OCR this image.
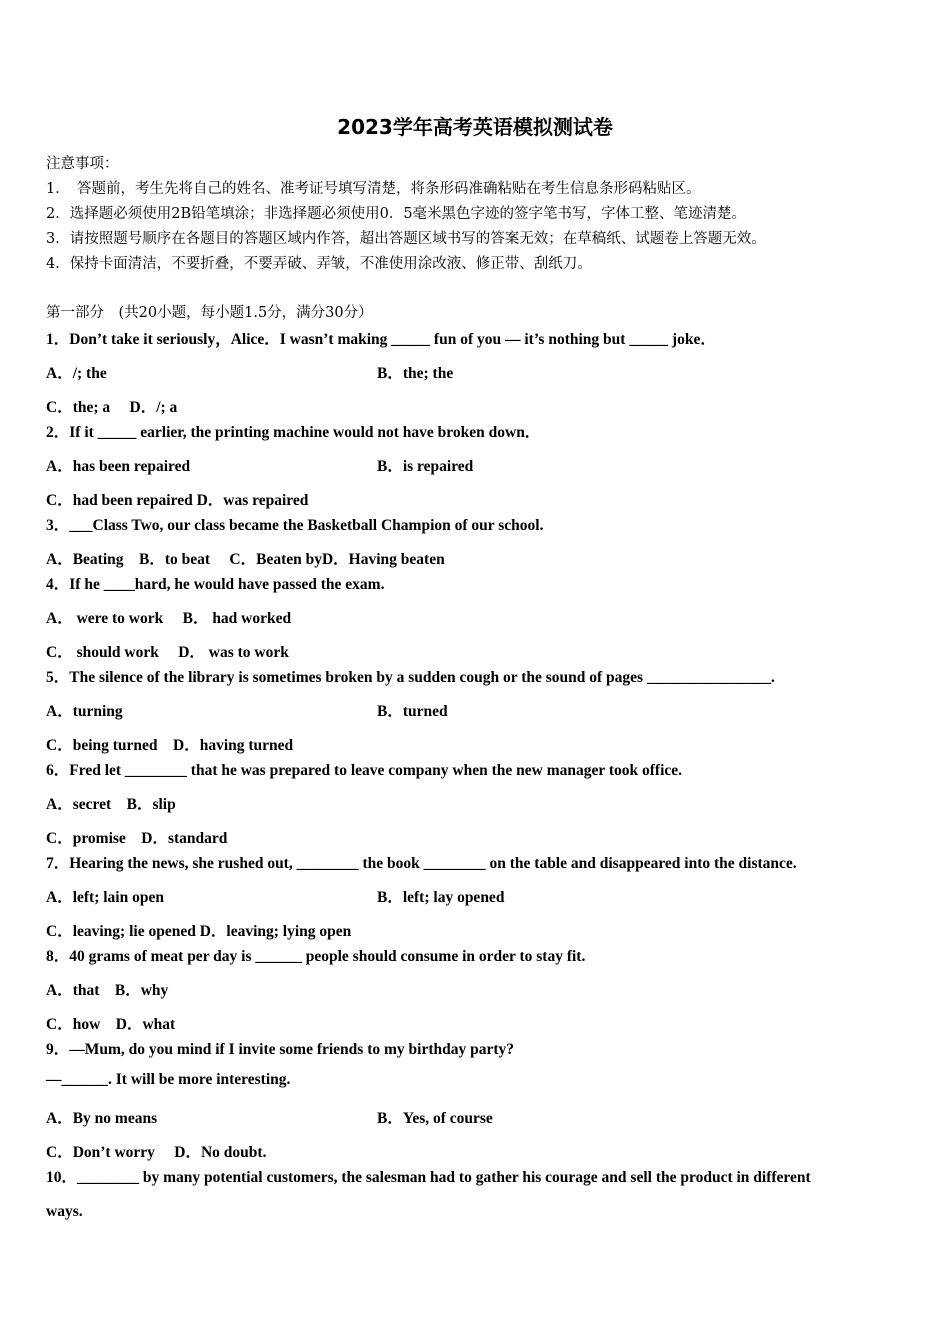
2023学年高考英语模拟测试卷
注意事项：
1．　答题前，考生先将自己的姓名、准考证号填写清楚，将条形码准确粘贴在考生信息条形码粘贴区。
2．选择题必须使用2B铅笔填涂；非选择题必须使用0．5毫米黑色字迹的签字笔书写，字体工整、笔迹清楚。
3．请按照题号顺序在各题目的答题区域内作答，超出答题区域书写的答案无效；在草稿纸、试题卷上答题无效。
4．保持卡面清洁，不要折叠，不要弄破、弄皱，不准使用涂改液、修正带、刮纸刀。
第一部分　(共20小题，每小题1.5分，满分30分）
1．Don’t take it seriously，Alice．I wasn’t making _____ fun of you — it’s nothing but _____ joke．
A．/; the	B．the; the
C．the; a　 D．/; a
2．If it _____ earlier, the printing machine would not have broken down．
A．has been repaired	B．is repaired
C．had been repaired D．was repaired
3．___Class Two, our class became the Basketball Champion of our school.
A．Beating　B．to beat　 C．Beaten byD．Having beaten
4．If he ____hard, he would have passed the exam.
A． were to work　 B． had worked
C． should work　 D． was to work
5．The silence of the library is sometimes broken by a sudden cough or the sound of pages ________________.
A．turning	B．turned
C．being turned　D．having turned
6．Fred let ________ that he was prepared to leave company when the new manager took office.
A．secret　B．slip
C．promise　D．standard
7．Hearing the news, she rushed out, ________ the book ________ on the table and disappeared into the distance.
A．left; lain open	B．left; lay opened
C．leaving; lie opened D．leaving; lying open
8．40 grams of meat per day is ______ people should consume in order to stay fit.
A．that　B．why
C．how　D．what
9．—Mum, do you mind if I invite some friends to my birthday party?
—______. It will be more interesting.
A．By no means	B．Yes, of course
C．Don’t worry　 D．No doubt.
10．________ by many potential customers, the salesman had to gather his courage and sell the product in different
ways.
